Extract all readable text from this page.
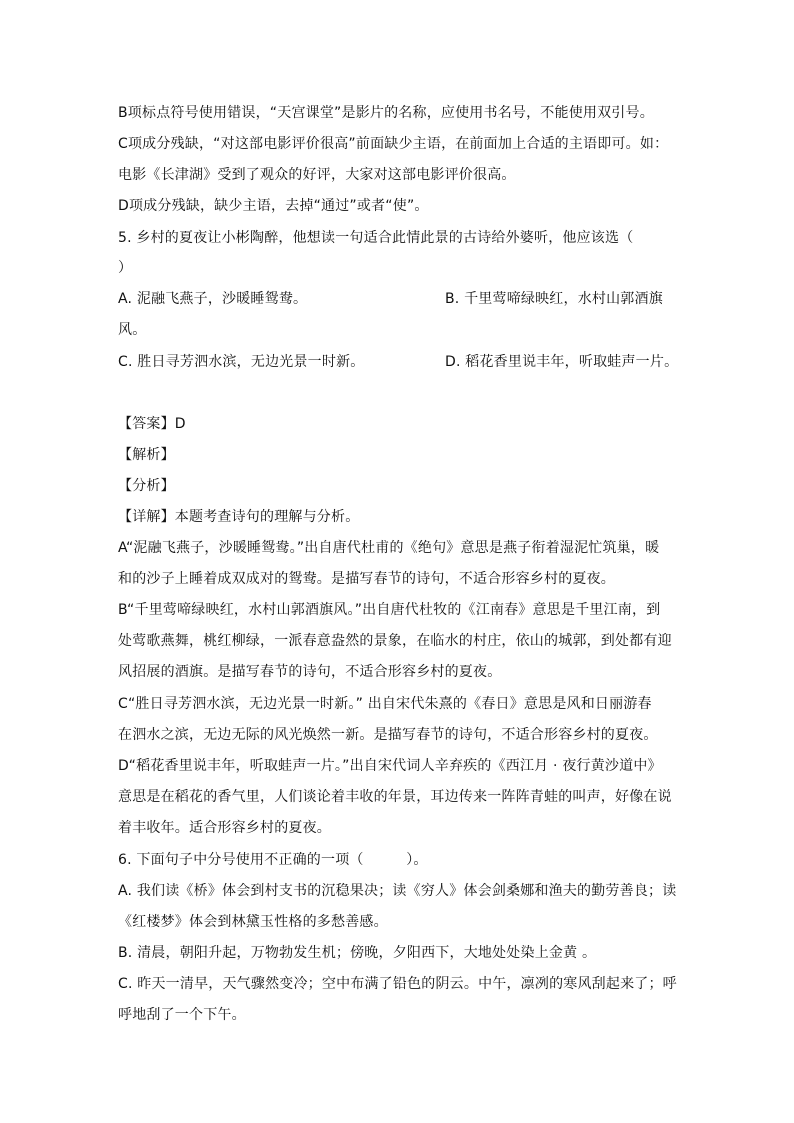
B项标点符号使用错误，“天宫课堂”是影片的名称，应使用书名号，不能使用双引号。
C项成分残缺，“对这部电影评价很高”前面缺少主语，在前面加上合适的主语即可。如：
电影《长津湖》受到了观众的好评，大家对这部电影评价很高。
D项成分残缺，缺少主语，去掉“通过”或者“使”。
5. 乡村的夏夜让小彬陶醉，他想读一句适合此情此景的古诗给外婆听，他应该选（
）
A. 泥融飞燕子，沙暖睡鸳鸯。	B. 千里莺啼绿映红，水村山郭酒旗
风。
C. 胜日寻芳泗水滨，无边光景一时新。	D. 稻花香里说丰年，听取蛙声一片。
【答案】D
【解析】
【分析】
【详解】本题考查诗句的理解与分析。
A“泥融飞燕子，沙暖睡鸳鸯。”出自唐代杜甫的《绝句》意思是燕子衔着湿泥忙筑巢，暖
和的沙子上睡着成双成对的鸳鸯。是描写春节的诗句，不适合形容乡村的夏夜。
B“千里莺啼绿映红，水村山郭酒旗风。”出自唐代杜牧的《江南春》意思是千里江南，到
处莺歌燕舞，桃红柳绿，一派春意盎然的景象，在临水的村庄，依山的城郭，到处都有迎
风招展的酒旗。是描写春节的诗句，不适合形容乡村的夏夜。
C“胜日寻芳泗水滨，无边光景一时新。” 出自宋代朱熹的《春日》意思是风和日丽游春
在泗水之滨，无边无际的风光焕然一新。是描写春节的诗句，不适合形容乡村的夏夜。
D“稻花香里说丰年，听取蛙声一片。”出自宋代词人辛弃疾的《西江月 · 夜行黄沙道中》
意思是在稻花的香气里，人们谈论着丰收的年景，耳边传来一阵阵青蛙的叫声，好像在说
着丰收年。适合形容乡村的夏夜。
6. 下面句子中分号使用不正确的一项（　　　）。
A. 我们读《桥》体会到村支书的沉稳果决；读《穷人》体会剑桑娜和渔夫的勤劳善良；读
《红楼梦》体会到林黛玉性格的多愁善感。
B. 清晨，朝阳升起，万物勃发生机；傍晚，夕阳西下，大地处处染上金黄 。
C. 昨天一清早，天气骤然变冷；空中布满了铅色的阴云。中午，凛冽的寒风刮起来了；呼
呼地刮了一个下午。
